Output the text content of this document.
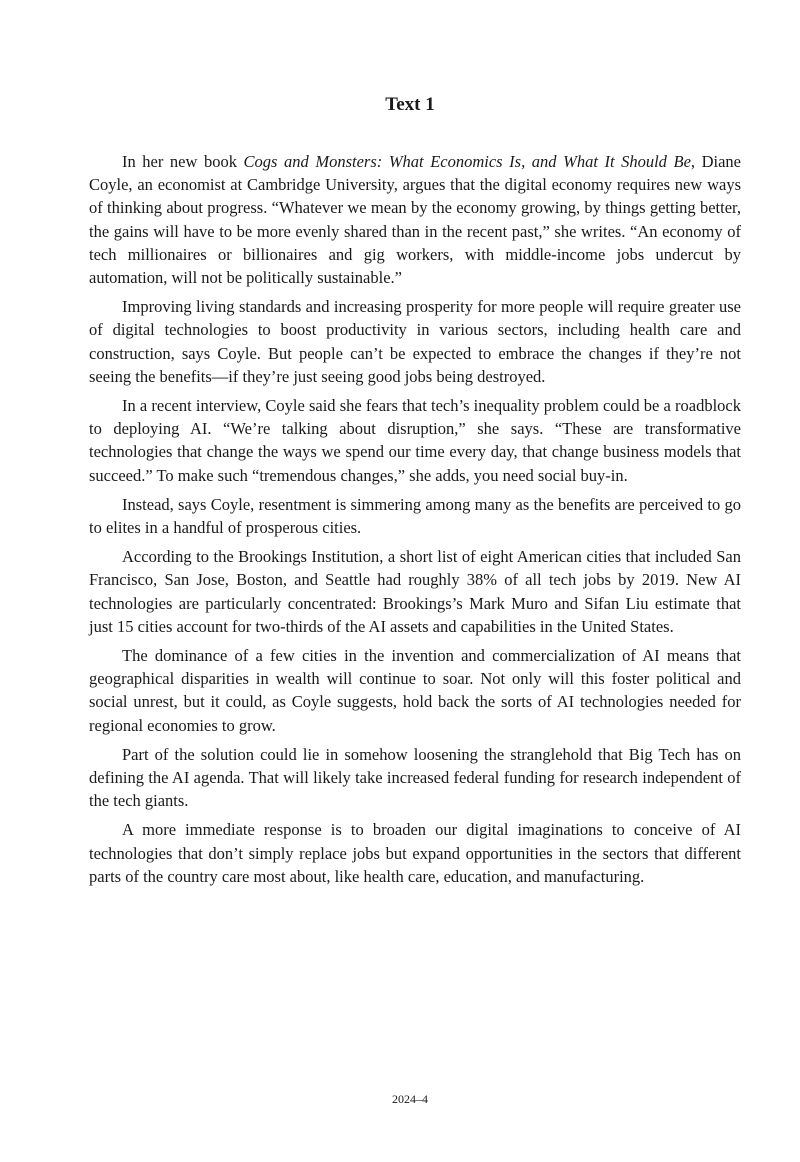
Text 1

In her new book Cogs and Monsters: What Economics Is, and What It Should Be, Diane Coyle, an economist at Cambridge University, argues that the digital economy requires new ways of thinking about progress. “Whatever we mean by the economy growing, by things getting better, the gains will have to be more evenly shared than in the recent past,” she writes. “An economy of tech millionaires or billionaires and gig workers, with middle-income jobs undercut by automation, will not be politically sustainable.”

Improving living standards and increasing prosperity for more people will require greater use of digital technologies to boost productivity in various sectors, including health care and construction, says Coyle. But people can’t be expected to embrace the changes if they’re not seeing the benefits—if they’re just seeing good jobs being destroyed.

In a recent interview, Coyle said she fears that tech’s inequality problem could be a roadblock to deploying AI. “We’re talking about disruption,” she says. “These are transformative technologies that change the ways we spend our time every day, that change business models that succeed.” To make such “tremendous changes,” she adds, you need social buy-in.

Instead, says Coyle, resentment is simmering among many as the benefits are perceived to go to elites in a handful of prosperous cities.

According to the Brookings Institution, a short list of eight American cities that included San Francisco, San Jose, Boston, and Seattle had roughly 38% of all tech jobs by 2019. New AI technologies are particularly concentrated: Brookings’s Mark Muro and Sifan Liu estimate that just 15 cities account for two-thirds of the AI assets and capabilities in the United States.

The dominance of a few cities in the invention and commercialization of AI means that geographical disparities in wealth will continue to soar. Not only will this foster political and social unrest, but it could, as Coyle suggests, hold back the sorts of AI technologies needed for regional economies to grow.

Part of the solution could lie in somehow loosening the stranglehold that Big Tech has on defining the AI agenda. That will likely take increased federal funding for research independent of the tech giants.

A more immediate response is to broaden our digital imaginations to conceive of AI technologies that don’t simply replace jobs but expand opportunities in the sectors that different parts of the country care most about, like health care, education, and manufacturing.

2024–4
